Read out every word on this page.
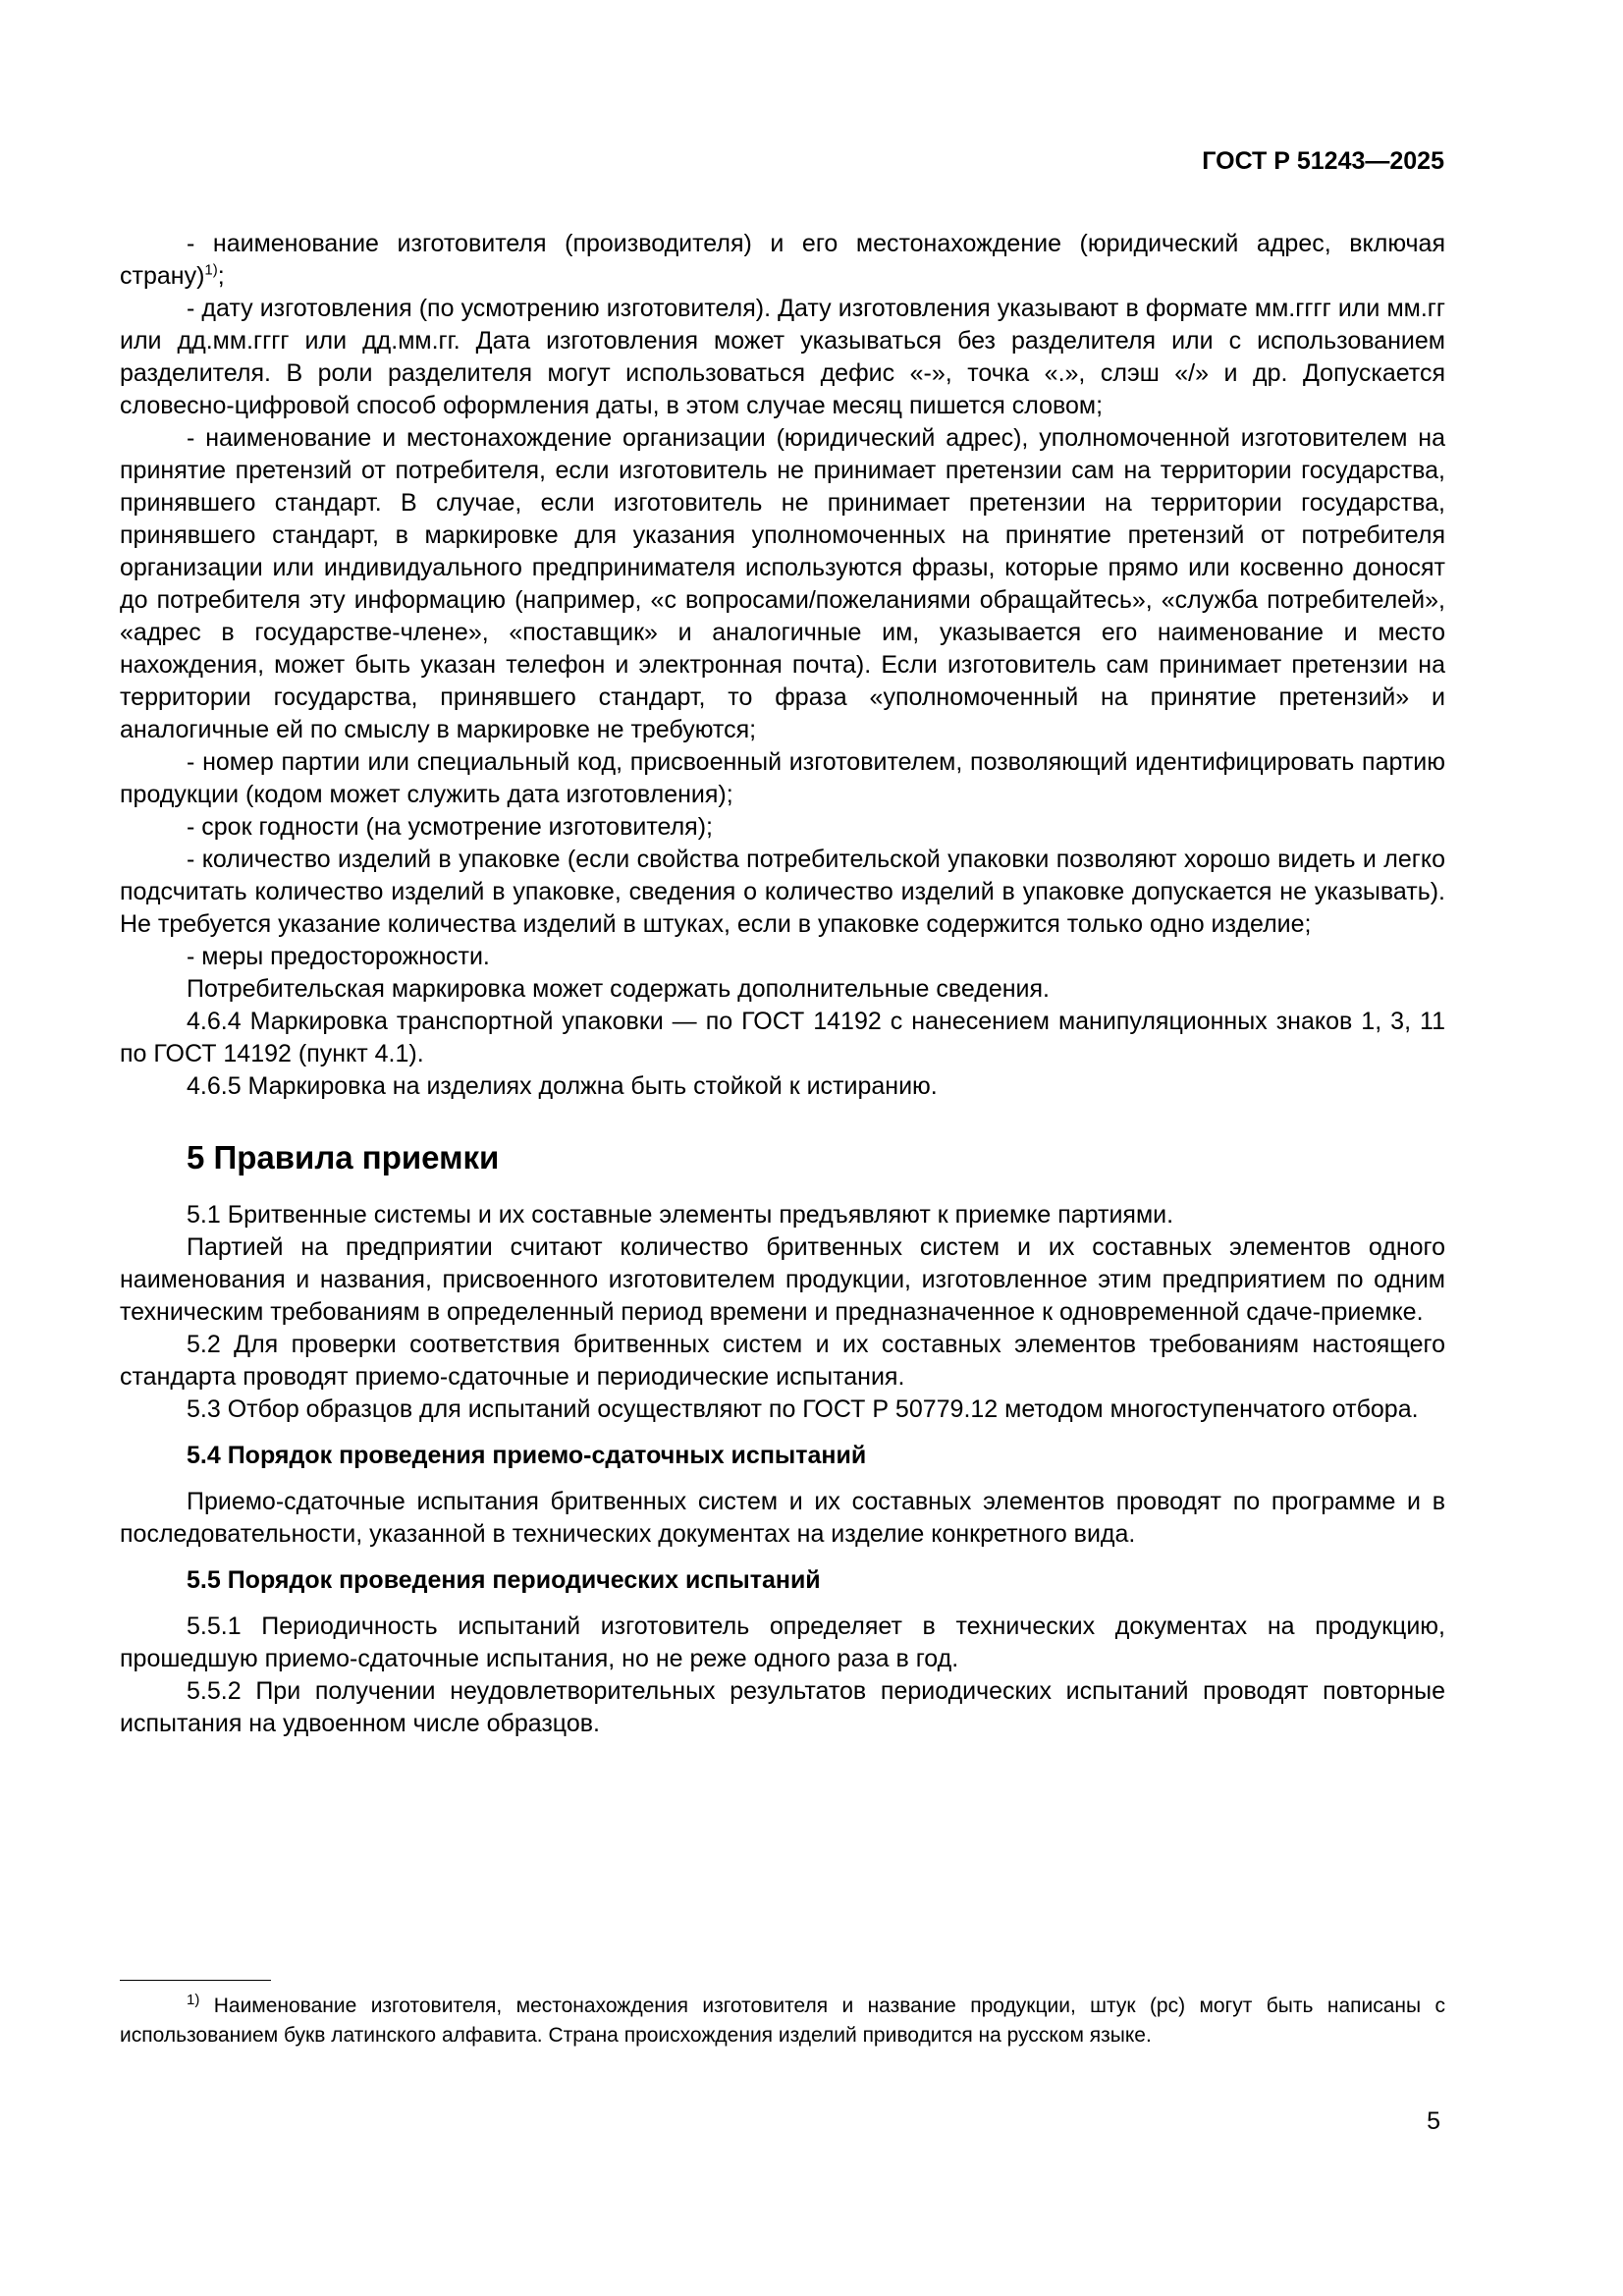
ГОСТ Р 51243—2025

- наименование изготовителя (производителя) и его местонахождение (юридический адрес, включая страну)$^{1)}$;

- дату изготовления (по усмотрению изготовителя). Дату изготовления указывают в формате мм.гггг или мм.гг или дд.мм.гггг или дд.мм.гг. Дата изготовления может указываться без разделителя или с использованием разделителя. В роли разделителя могут использоваться дефис «-», точка «.», слэш «/» и др. Допускается словесно-цифровой способ оформления даты, в этом случае месяц пишется словом;

- наименование и местонахождение организации (юридический адрес), уполномоченной изготовителем на принятие претензий от потребителя, если изготовитель не принимает претензии сам на территории государства, принявшего стандарт. В случае, если изготовитель не принимает претензии на территории государства, принявшего стандарт, в маркировке для указания уполномоченных на принятие претензий от потребителя организации или индивидуального предпринимателя используются фразы, которые прямо или косвенно доносят до потребителя эту информацию (например, «с вопросами/пожеланиями обращайтесь», «служба потребителей», «адрес в государстве-члене», «поставщик» и аналогичные им, указывается его наименование и место нахождения, может быть указан телефон и электронная почта). Если изготовитель сам принимает претензии на территории государства, принявшего стандарт, то фраза «уполномоченный на принятие претензий» и аналогичные ей по смыслу в маркировке не требуются;

- номер партии или специальный код, присвоенный изготовителем, позволяющий идентифицировать партию продукции (кодом может служить дата изготовления);

- срок годности (на усмотрение изготовителя);

- количество изделий в упаковке (если свойства потребительской упаковки позволяют хорошо видеть и легко подсчитать количество изделий в упаковке, сведения о количество изделий в упаковке допускается не указывать). Не требуется указание количества изделий в штуках, если в упаковке содержится только одно изделие;

- меры предосторожности.

Потребительская маркировка может содержать дополнительные сведения.

4.6.4 Маркировка транспортной упаковки — по ГОСТ 14192 с нанесением манипуляционных знаков 1, 3, 11 по ГОСТ 14192 (пункт 4.1).

4.6.5 Маркировка на изделиях должна быть стойкой к истиранию.

5 Правила приемки

5.1 Бритвенные системы и их составные элементы предъявляют к приемке партиями.

Партией на предприятии считают количество бритвенных систем и их составных элементов одного наименования и названия, присвоенного изготовителем продукции, изготовленное этим предприятием по одним техническим требованиям в определенный период времени и предназначенное к одновременной сдаче-приемке.

5.2 Для проверки соответствия бритвенных систем и их составных элементов требованиям настоящего стандарта проводят приемо-сдаточные и периодические испытания.

5.3 Отбор образцов для испытаний осуществляют по ГОСТ Р 50779.12 методом многоступенчатого отбора.

5.4 Порядок проведения приемо-сдаточных испытаний

Приемо-сдаточные испытания бритвенных систем и их составных элементов проводят по программе и в последовательности, указанной в технических документах на изделие конкретного вида.

5.5 Порядок проведения периодических испытаний

5.5.1 Периодичность испытаний изготовитель определяет в технических документах на продукцию, прошедшую приемо-сдаточные испытания, но не реже одного раза в год.

5.5.2 При получении неудовлетворительных результатов периодических испытаний проводят повторные испытания на удвоенном числе образцов.

$^{1)}$ Наименование изготовителя, местонахождения изготовителя и название продукции, штук (pc) могут быть написаны с использованием букв латинского алфавита. Страна происхождения изделий приводится на русском языке.

5
